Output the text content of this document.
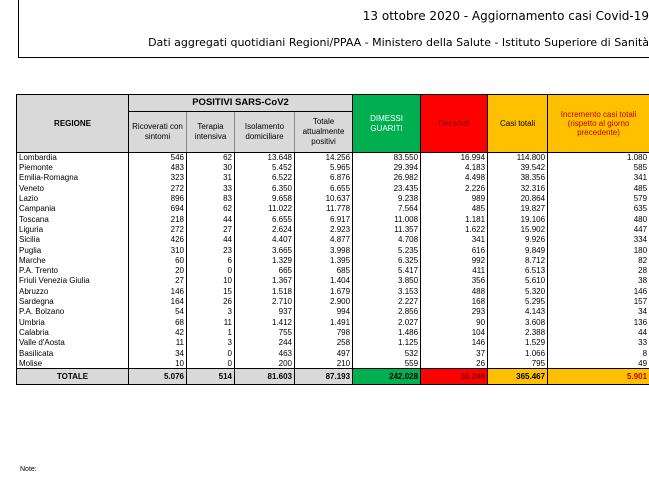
13 ottobre 2020 - Aggiornamento casi Covid-19
Dati aggregati quotidiani Regioni/PPAA - Ministero della Salute - Istituto Superiore di Sanità
REGIONE	POSITIVI SARS-CoV2				DIMESSI GUARITI	Deceduti	Casi totali	Incremento casi totali (rispetto al giorno precedente)
	Ricoverati con sintomi	Terapia intensiva	Isolamento domiciliare	Totale attualmente positivi				
Lombardia	546	62	13.648	14.256	83.550	16.994	114.800	1.080
Piemonte	483	30	5.452	5.965	29.394	4.183	39.542	585
Emilia-Romagna	323	31	6.522	6.876	26.982	4.498	38.356	341
Veneto	272	33	6.350	6.655	23.435	2.226	32.316	485
Lazio	896	83	9.658	10.637	9.238	989	20.864	579
Campania	694	62	11.022	11.778	7.564	485	19.827	635
Toscana	218	44	6.655	6.917	11.008	1.181	19.106	480
Liguria	272	27	2.624	2.923	11.357	1.622	15.902	447
Sicilia	426	44	4.407	4.877	4.708	341	9.926	334
Puglia	310	23	3.665	3.998	5.235	616	9.849	180
Marche	60	6	1.329	1.395	6.325	992	8.712	82
P.A. Trento	20	0	665	685	5.417	411	6.513	28
Friuli Venezia Giulia	27	10	1.367	1.404	3.850	356	5.610	38
Abruzzo	146	15	1.518	1.679	3.153	488	5.320	146
Sardegna	164	26	2.710	2.900	2.227	168	5.295	157
P.A. Bolzano	54	3	937	994	2.856	293	4.143	34
Umbria	68	11	1.412	1.491	2.027	90	3.608	136
Calabria	42	1	755	798	1.486	104	2.388	44
Valle d'Aosta	11	3	244	258	1.125	146	1.529	33
Basilicata	34	0	463	497	532	37	1.066	8
Molise	10	0	200	210	559	26	795	49
TOTALE	5.076	514	81.603	87.193	242.028	36.246	365.467	5.901
Note:
